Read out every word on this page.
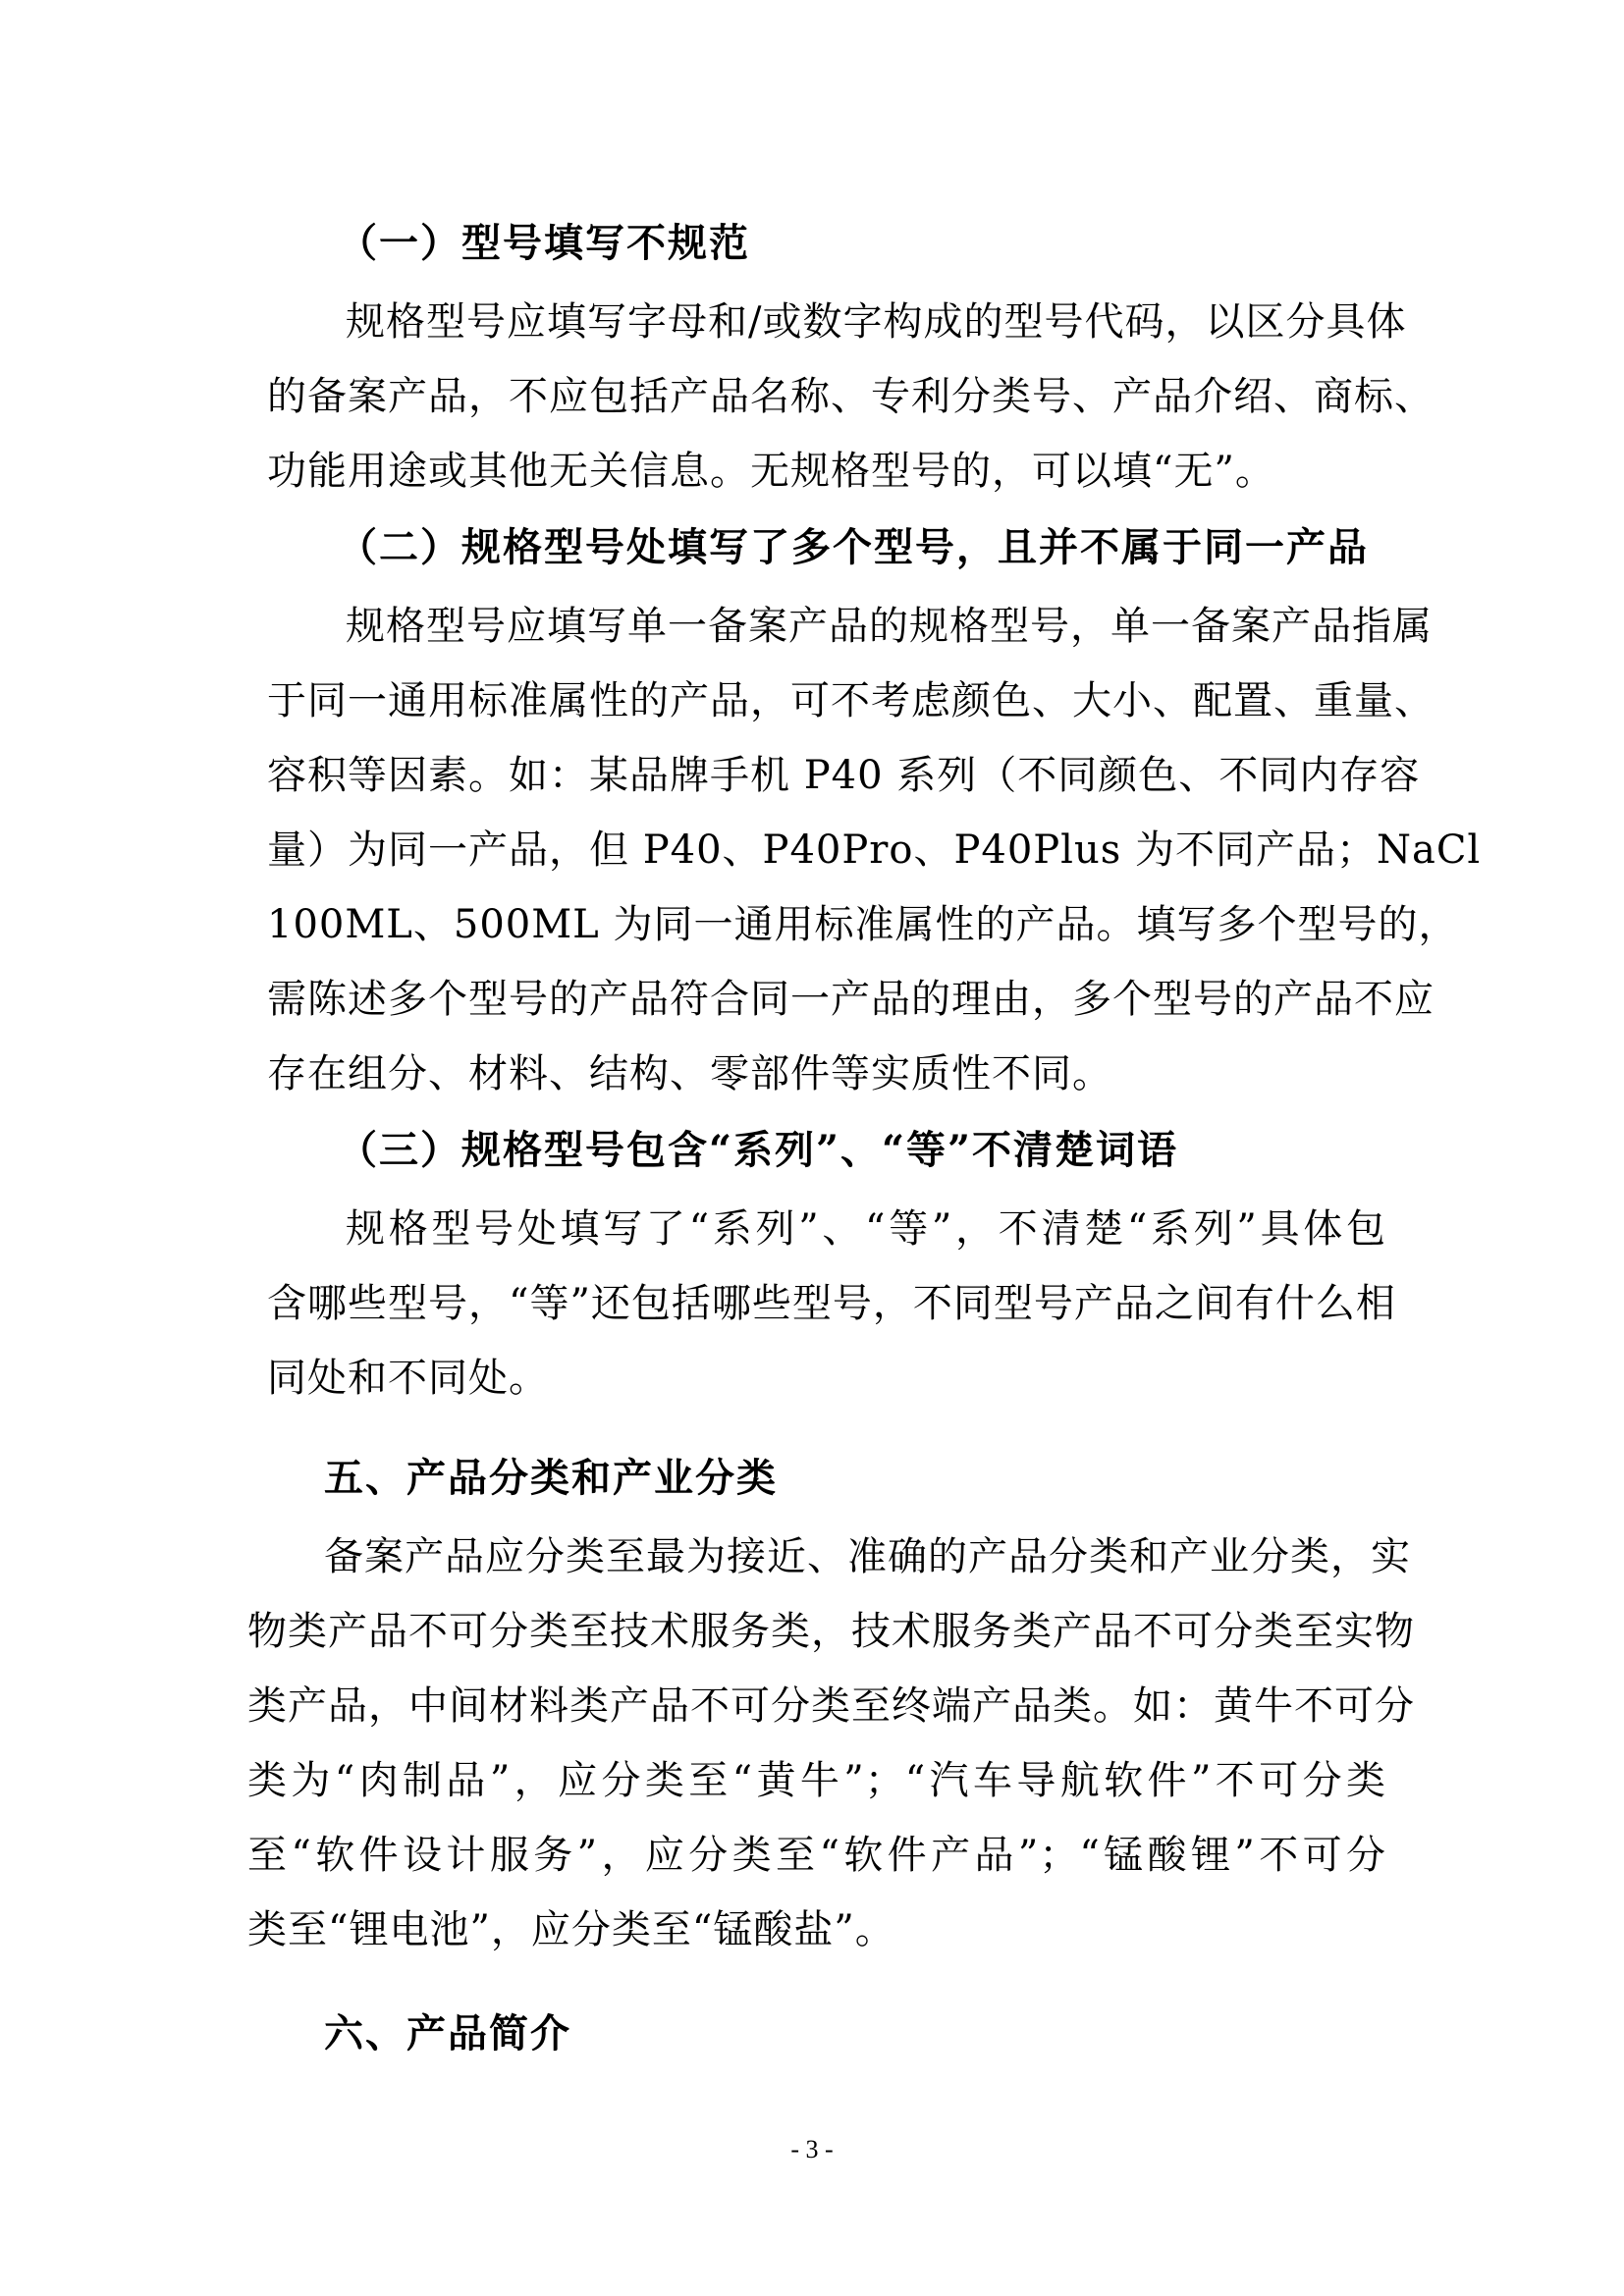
（一）型号填写不规范
规格型号应填写字母和/或数字构成的型号代码，以区分具体
的备案产品，不应包括产品名称、专利分类号、产品介绍、商标、
功能用途或其他无关信息。无规格型号的，可以填“无”。
（二）规格型号处填写了多个型号，且并不属于同一产品
规格型号应填写单一备案产品的规格型号，单一备案产品指属
于同一通用标准属性的产品，可不考虑颜色、大小、配置、重量、
容积等因素。如：某品牌手机 P40 系列（不同颜色、不同内存容
量）为同一产品，但 P40、P40Pro、P40Plus 为不同产品；NaCl
100ML、500ML 为同一通用标准属性的产品。填写多个型号的，
需陈述多个型号的产品符合同一产品的理由，多个型号的产品不应
存在组分、材料、结构、零部件等实质性不同。
（三）规格型号包含“系列”、“等”不清楚词语
规格型号处填写了“系列”、“等”，不清楚“系列”具体包
含哪些型号，“等”还包括哪些型号，不同型号产品之间有什么相
同处和不同处。
五、产品分类和产业分类
备案产品应分类至最为接近、准确的产品分类和产业分类，实
物类产品不可分类至技术服务类，技术服务类产品不可分类至实物
类产品，中间材料类产品不可分类至终端产品类。如：黄牛不可分
类为“肉制品”，应分类至“黄牛”；“汽车导航软件”不可分类
至“软件设计服务”，应分类至“软件产品”；“锰酸锂”不可分
类至“锂电池”，应分类至“锰酸盐”。
六、产品简介
- 3 -
